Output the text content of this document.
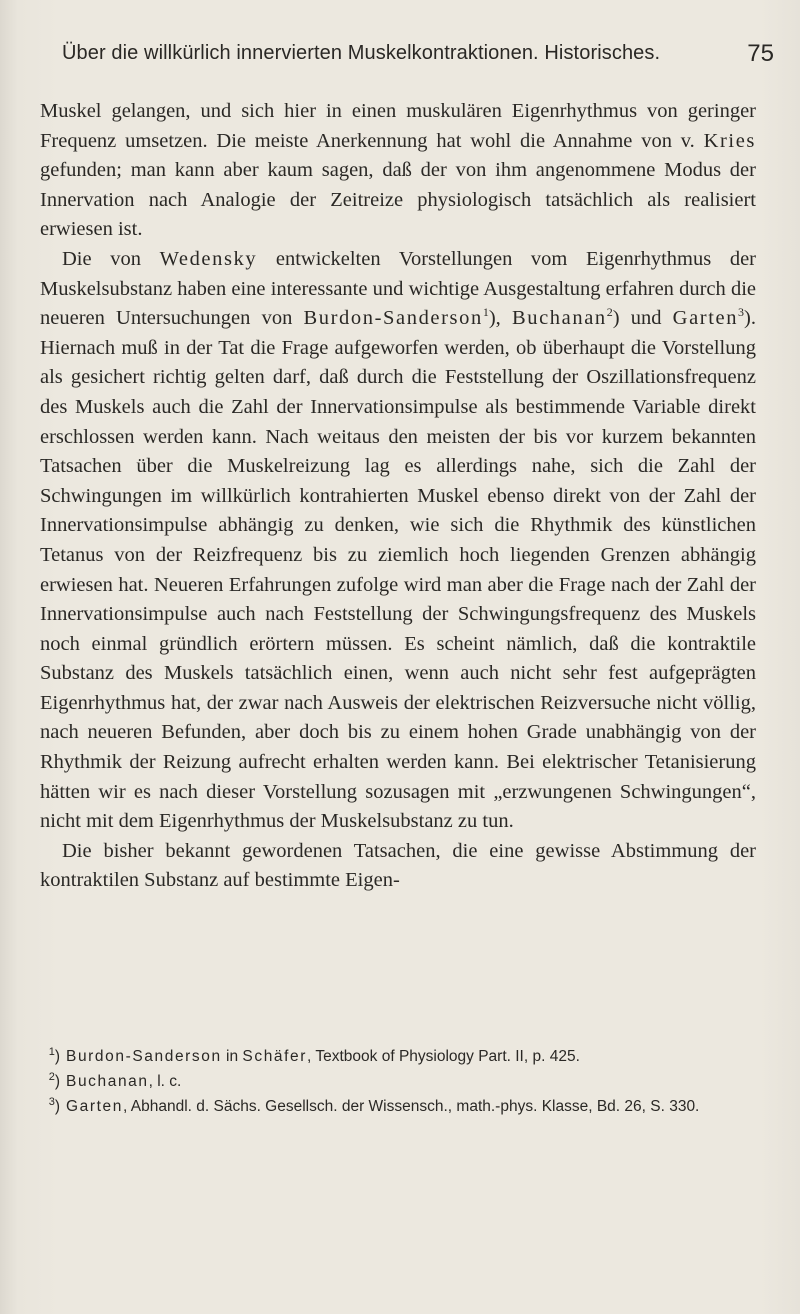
Über die willkürlich innervierten Muskelkontraktionen. Historisches.	75

Muskel gelangen, und sich hier in einen muskulären Eigenrhythmus von geringer Frequenz umsetzen. Die meiste Anerkennung hat wohl die Annahme von v. Kries gefunden; man kann aber kaum sagen, daß der von ihm angenommene Modus der Innervation nach Analogie der Zeitreize physiologisch tatsächlich als realisiert erwiesen ist.

Die von Wedensky entwickelten Vorstellungen vom Eigenrhythmus der Muskelsubstanz haben eine interessante und wichtige Ausgestaltung erfahren durch die neueren Untersuchungen von Burdon-Sanderson$^1$), Buchanan$^2$) und Garten$^3$). Hiernach muß in der Tat die Frage aufgeworfen werden, ob überhaupt die Vorstellung als gesichert richtig gelten darf, daß durch die Feststellung der Oszillationsfrequenz des Muskels auch die Zahl der Innervationsimpulse als bestimmende Variable direkt erschlossen werden kann. Nach weitaus den meisten der bis vor kurzem bekannten Tatsachen über die Muskelreizung lag es allerdings nahe, sich die Zahl der Schwingungen im willkürlich kontrahierten Muskel ebenso direkt von der Zahl der Innervationsimpulse abhängig zu denken, wie sich die Rhythmik des künstlichen Tetanus von der Reizfrequenz bis zu ziemlich hoch liegenden Grenzen abhängig erwiesen hat. Neueren Erfahrungen zufolge wird man aber die Frage nach der Zahl der Innervationsimpulse auch nach Feststellung der Schwingungsfrequenz des Muskels noch einmal gründlich erörtern müssen. Es scheint nämlich, daß die kontraktile Substanz des Muskels tatsächlich einen, wenn auch nicht sehr fest aufgeprägten Eigenrhythmus hat, der zwar nach Ausweis der elektrischen Reizversuche nicht völlig, nach neueren Befunden, aber doch bis zu einem hohen Grade unabhängig von der Rhythmik der Reizung aufrecht erhalten werden kann. Bei elektrischer Tetanisierung hätten wir es nach dieser Vorstellung sozusagen mit „erzwungenen Schwingungen“, nicht mit dem Eigenrhythmus der Muskelsubstanz zu tun.

Die bisher bekannt gewordenen Tatsachen, die eine gewisse Abstimmung der kontraktilen Substanz auf bestimmte Eigen-

$^1$) Burdon-Sanderson in Schäfer, Textbook of Physiology Part. II, p. 425.

$^2$) Buchanan, l. c.

$^3$) Garten, Abhandl. d. Sächs. Gesellsch. der Wissensch., math.-phys. Klasse, Bd. 26, S. 330.
